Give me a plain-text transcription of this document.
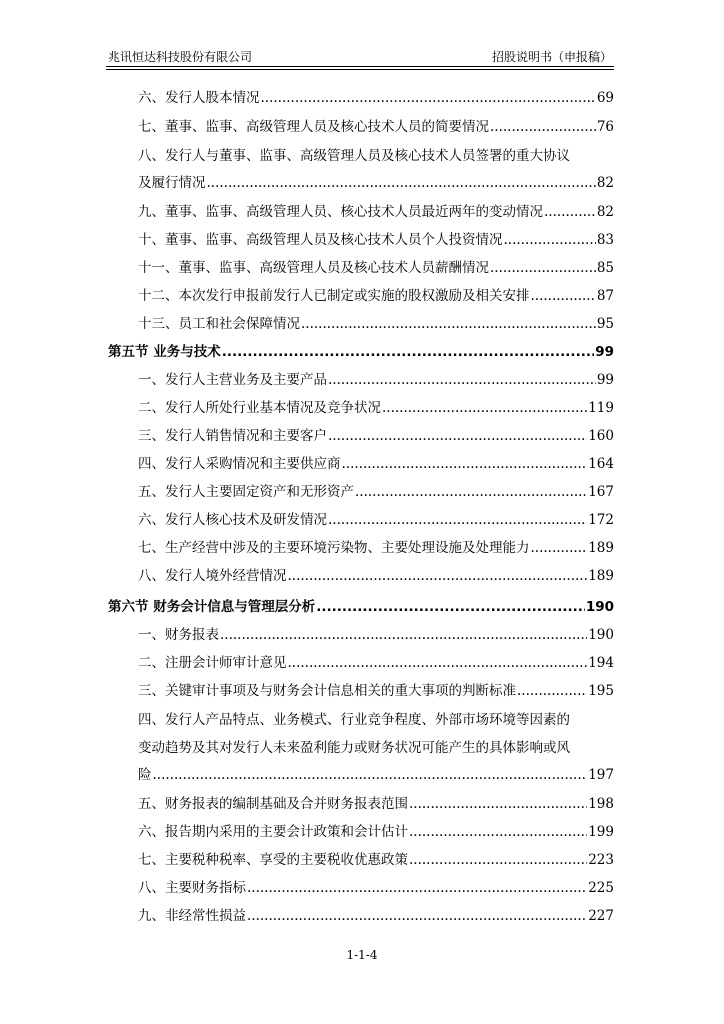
兆讯恒达科技股份有限公司	招股说明书（申报稿）
六、发行人股本情况 .....	69
七、董事、监事、高级管理人员及核心技术人员的简要情况 .....	76
八、发行人与董事、监事、高级管理人员及核心技术人员签署的重大协议
及履行情况 .....	82
九、董事、监事、高级管理人员、核心技术人员最近两年的变动情况 .....	82
十、董事、监事、高级管理人员及核心技术人员个人投资情况 .....	83
十一、董事、监事、高级管理人员及核心技术人员薪酬情况 .....	85
十二、本次发行申报前发行人已制定或实施的股权激励及相关安排 .....	87
十三、员工和社会保障情况 .....	95
第五节 业务与技术 .....	99
一、发行人主营业务及主要产品 .....	99
二、发行人所处行业基本情况及竞争状况 .....	119
三、发行人销售情况和主要客户 .....	160
四、发行人采购情况和主要供应商 .....	164
五、发行人主要固定资产和无形资产 .....	167
六、发行人核心技术及研发情况 .....	172
七、生产经营中涉及的主要环境污染物、主要处理设施及处理能力 .....	189
八、发行人境外经营情况 .....	189
第六节 财务会计信息与管理层分析 .....	190
一、财务报表 .....	190
二、注册会计师审计意见 .....	194
三、关键审计事项及与财务会计信息相关的重大事项的判断标准 .....	195
四、发行人产品特点、业务模式、行业竞争程度、外部市场环境等因素的
变动趋势及其对发行人未来盈利能力或财务状况可能产生的具体影响或风
险 .....	197
五、财务报表的编制基础及合并财务报表范围 .....	198
六、报告期内采用的主要会计政策和会计估计 .....	199
七、主要税种税率、享受的主要税收优惠政策 .....	223
八、主要财务指标 .....	225
九、非经常性损益 .....	227
1-1-4
